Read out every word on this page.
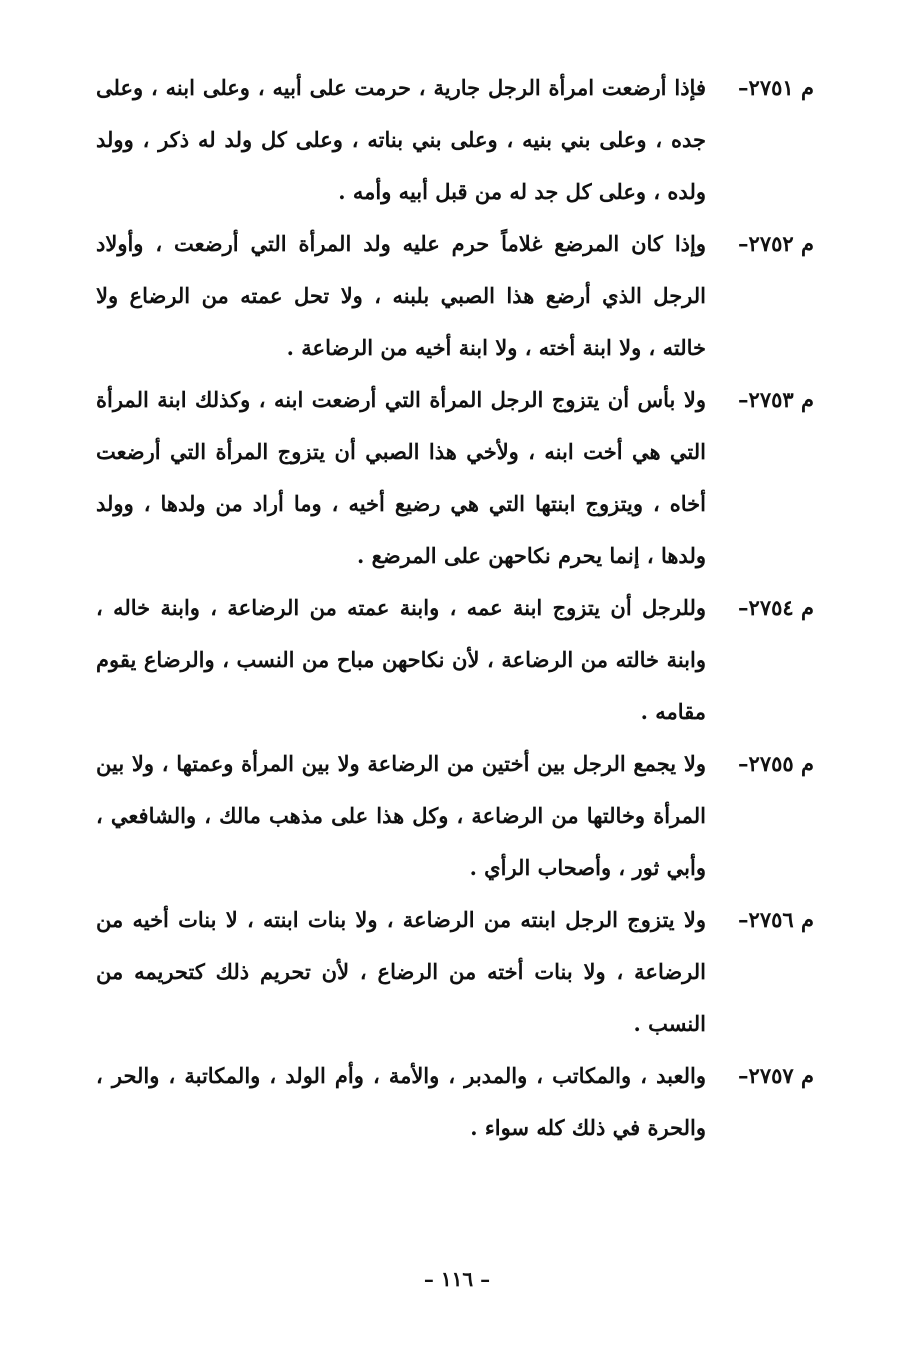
م ٢٧٥١–
فإذا أرضعت امرأة الرجل جارية ، حرمت على أبيه ، وعلى ابنه ، وعلى جده ، وعلى بني بنيه ، وعلى بني بناته ، وعلى كل ولد له ذكر ، وولد ولده ، وعلى كل جد له من قبل أبيه وأمه .
م ٢٧٥٢–
وإذا كان المرضع غلاماً حرم عليه ولد المرأة التي أرضعت ، وأولاد الرجل الذي أرضع هذا الصبي بلبنه ، ولا تحل عمته من الرضاع ولا خالته ، ولا ابنة أخته ، ولا ابنة أخيه من الرضاعة .
م ٢٧٥٣–
ولا بأس أن يتزوج الرجل المرأة التي أرضعت ابنه ، وكذلك ابنة المرأة التي هي أخت ابنه ، ولأخي هذا الصبي أن يتزوج المرأة التي أرضعت أخاه ، ويتزوج ابنتها التي هي رضيع أخيه ، وما أراد من ولدها ، وولد ولدها ، إنما يحرم نكاحهن على المرضع .
م ٢٧٥٤–
وللرجل أن يتزوج ابنة عمه ، وابنة عمته من الرضاعة ، وابنة خاله ، وابنة خالته من الرضاعة ، لأن نكاحهن مباح من النسب ، والرضاع يقوم مقامه .
م ٢٧٥٥–
ولا يجمع الرجل بين أختين من الرضاعة ولا بين المرأة وعمتها ، ولا بين المرأة وخالتها من الرضاعة ، وكل هذا على مذهب مالك ، والشافعي ، وأبي ثور ، وأصحاب الرأي .
م ٢٧٥٦–
ولا يتزوج الرجل ابنته من الرضاعة ، ولا بنات ابنته ، لا بنات أخيه من الرضاعة ، ولا بنات أخته من الرضاع ، لأن تحريم ذلك كتحريمه من النسب .
م ٢٧٥٧–
والعبد ، والمكاتب ، والمدبر ، والأمة ، وأم الولد ، والمكاتبة ، والحر ، والحرة في ذلك كله سواء .
– ١١٦ –
